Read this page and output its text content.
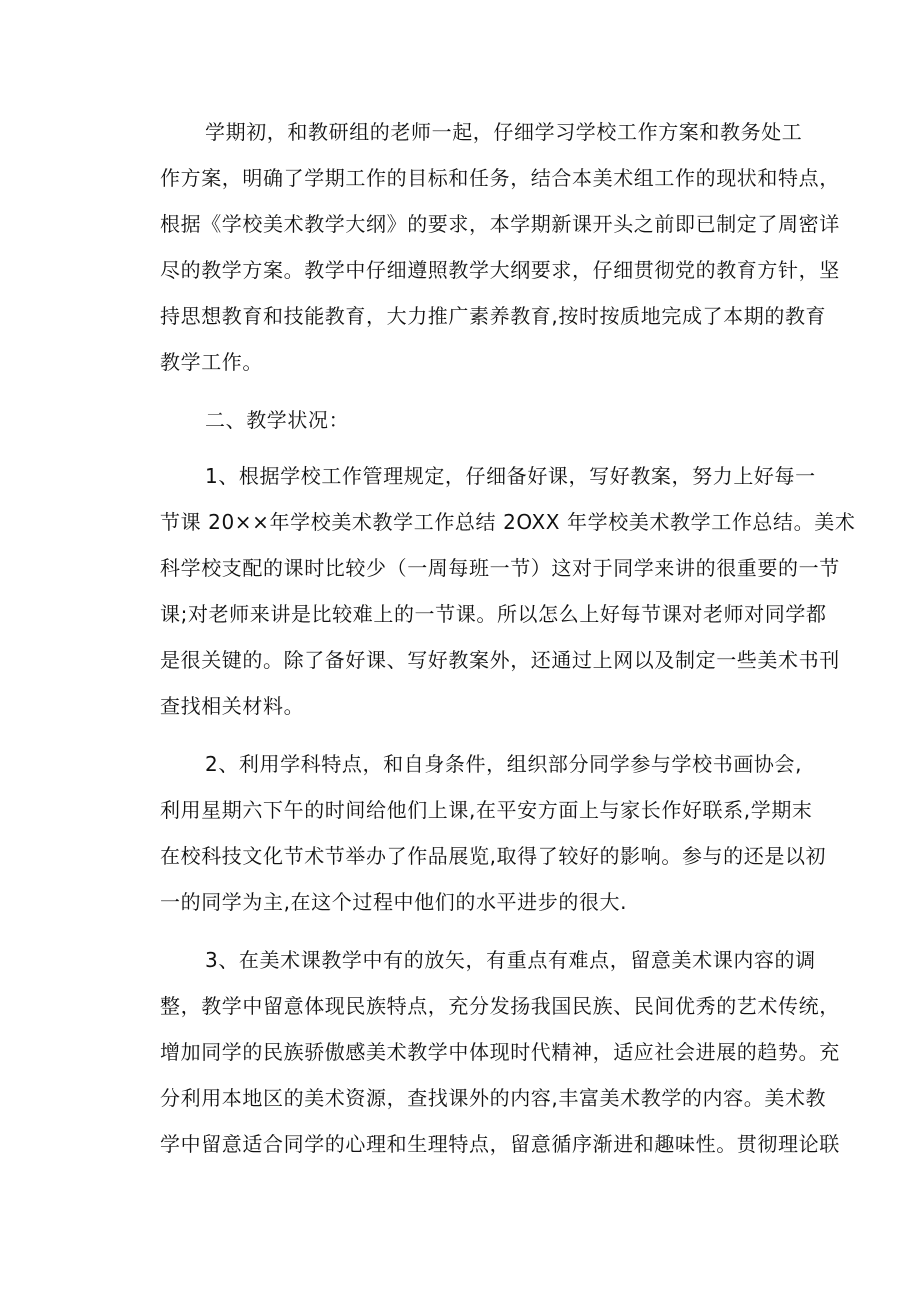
学期初，和教研组的老师一起，仔细学习学校工作方案和教务处工

作方案，明确了学期工作的目标和任务，结合本美术组工作的现状和特点，

根据《学校美术教学大纲》的要求，本学期新课开头之前即已制定了周密详

尽的教学方案。教学中仔细遵照教学大纲要求，仔细贯彻党的教育方针，坚

持思想教育和技能教育，大力推广素养教育,按时按质地完成了本期的教育

教学工作。

二、教学状况：

1、根据学校工作管理规定，仔细备好课，写好教案，努力上好每一

节课 20××年学校美术教学工作总结 2OXX 年学校美术教学工作总结。美术

科学校支配的课时比较少（一周每班一节）这对于同学来讲的很重要的一节

课;对老师来讲是比较难上的一节课。所以怎么上好每节课对老师对同学都

是很关键的。除了备好课、写好教案外，还通过上网以及制定一些美术书刊

查找相关材料。

2、利用学科特点，和自身条件，组织部分同学参与学校书画协会,

利用星期六下午的时间给他们上课,在平安方面上与家长作好联系,学期末

在校科技文化节术节举办了作品展览,取得了较好的影响。参与的还是以初

一的同学为主,在这个过程中他们的水平进步的很大.

3、在美术课教学中有的放矢，有重点有难点，留意美术课内容的调

整，教学中留意体现民族特点，充分发扬我国民族、民间优秀的艺术传统，

增加同学的民族骄傲感美术教学中体现时代精神，适应社会进展的趋势。充

分利用本地区的美术资源，查找课外的内容,丰富美术教学的内容。美术教

学中留意适合同学的心理和生理特点，留意循序渐进和趣味性。贯彻理论联
